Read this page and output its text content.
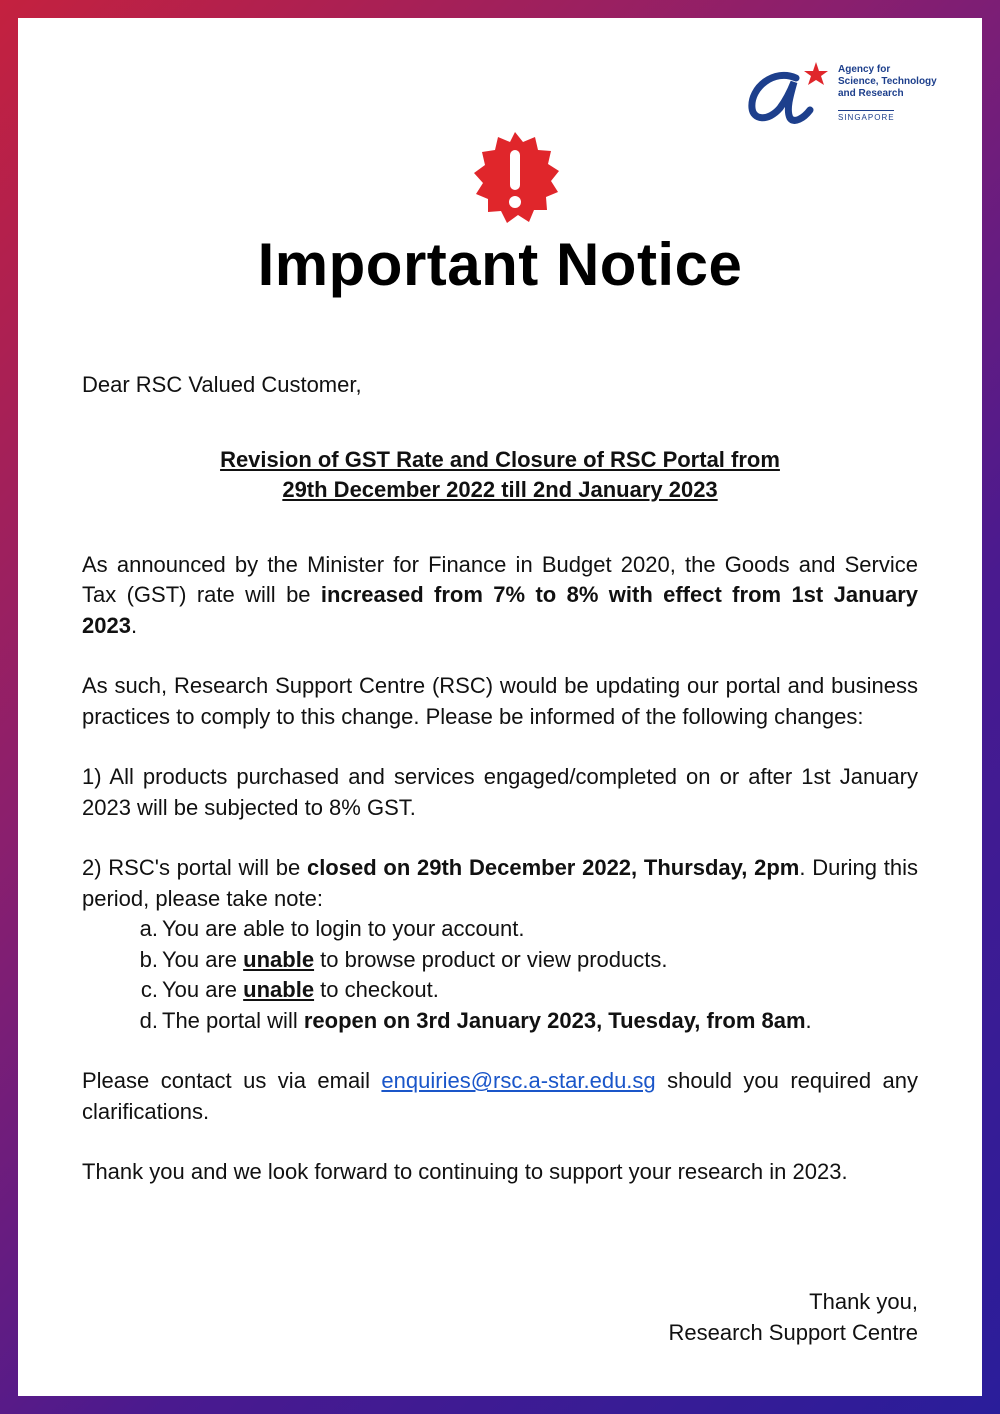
Agency for
Science, Technology
and Research
SINGAPORE
Important Notice

Dear RSC Valued Customer,

Revision of GST Rate and Closure of RSC Portal from
29th December 2022 till 2nd January 2023

As announced by the Minister for Finance in Budget 2020, the Goods and Service Tax (GST) rate will be increased from 7% to 8% with effect from 1st January 2023.

As such, Research Support Centre (RSC) would be updating our portal and business practices to comply to this change. Please be informed of the following changes:

1) All products purchased and services engaged/completed on or after 1st January 2023 will be subjected to 8% GST.

2) RSC's portal will be closed on 29th December 2022, Thursday, 2pm. During this period, please take note:

a. You are able to login to your account.
b. You are unable to browse product or view products.
c. You are unable to checkout.
d. The portal will reopen on 3rd January 2023, Tuesday, from 8am.

Please contact us via email enquiries@rsc.a-star.edu.sg should you required any clarifications.

Thank you and we look forward to continuing to support your research in 2023.

Thank you,
Research Support Centre
